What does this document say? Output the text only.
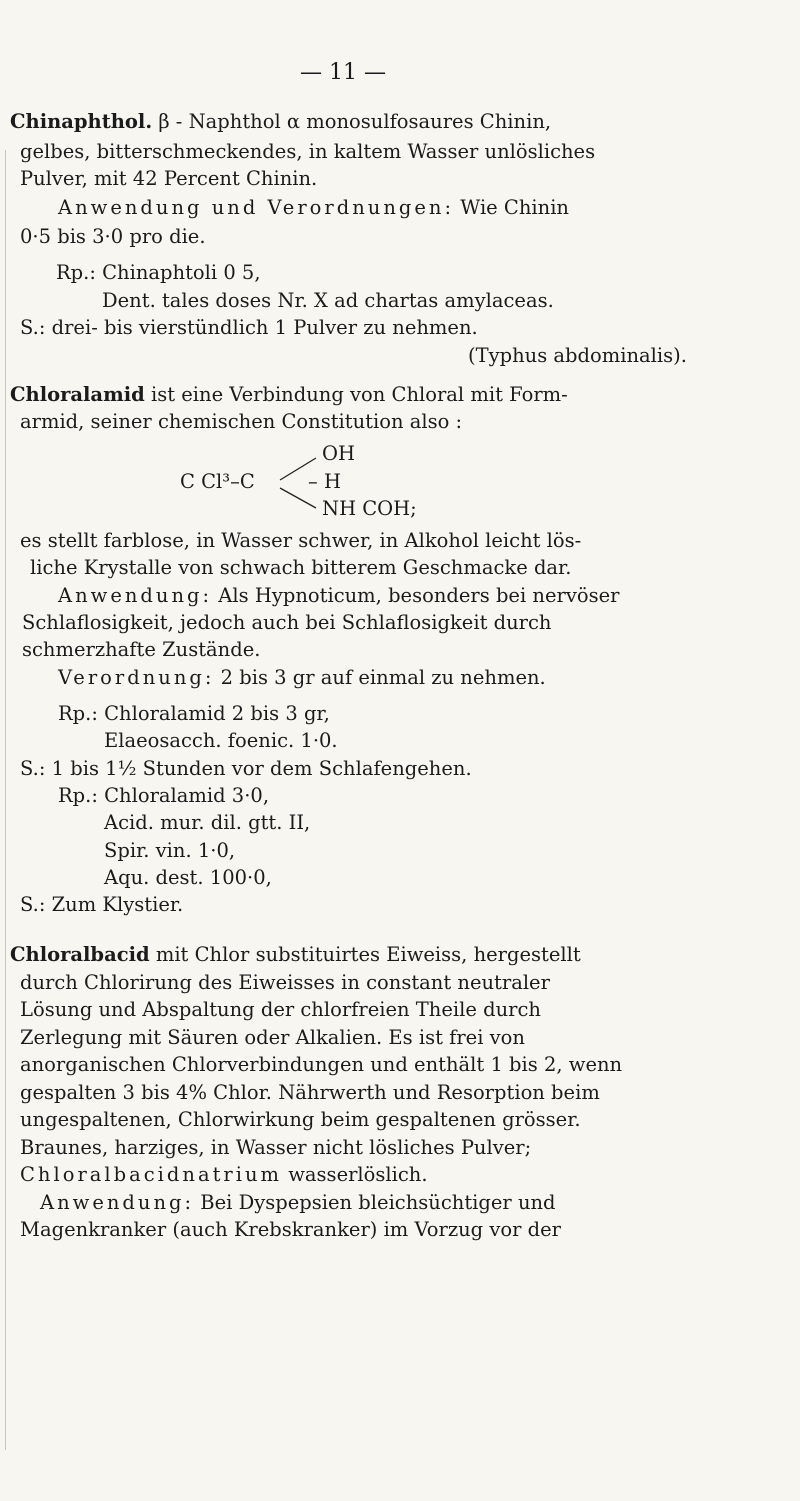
— 11 —
Chinaphthol. β - Naphthol α monosulfosaures Chinin,
gelbes, bitterschmeckendes, in kaltem Wasser unlösliches
Pulver, mit 42 Percent Chinin.
Anwendung und Verordnungen: Wie Chinin
0·5 bis 3·0 pro die.
Rp.: Chinaphtoli 0 5,
Dent. tales doses Nr. X ad chartas amylaceas.
S.: drei- bis vierstündlich 1 Pulver zu nehmen.
(Typhus abdominalis).
Chloralamid ist eine Verbindung von Chloral mit Form-
armid, seiner chemischen Constitution also :
C Cl³–C
OH
– H
NH COH;
es stellt farblose, in Wasser schwer, in Alkohol leicht lös-
liche Krystalle von schwach bitterem Geschmacke dar.
Anwendung: Als Hypnoticum, besonders bei nervöser
Schlaflosigkeit, jedoch auch bei Schlaflosigkeit durch
schmerzhafte Zustände.
Verordnung: 2 bis 3 gr auf einmal zu nehmen.
Rp.: Chloralamid 2 bis 3 gr,
Elaeosacch. foenic. 1·0.
S.: 1 bis 1½ Stunden vor dem Schlafengehen.
Rp.: Chloralamid 3·0,
Acid. mur. dil. gtt. II,
Spir. vin. 1·0,
Aqu. dest. 100·0,
S.: Zum Klystier.
Chloralbacid mit Chlor substituirtes Eiweiss, hergestellt
durch Chlorirung des Eiweisses in constant neutraler
Lösung und Abspaltung der chlorfreien Theile durch
Zerlegung mit Säuren oder Alkalien. Es ist frei von
anorganischen Chlorverbindungen und enthält 1 bis 2, wenn
gespalten 3 bis 4% Chlor. Nährwerth und Resorption beim
ungespaltenen, Chlorwirkung beim gespaltenen grösser.
Braunes, harziges, in Wasser nicht lösliches Pulver;
Chloralbacidnatrium wasserlöslich.
Anwendung: Bei Dyspepsien bleichsüchtiger und
Magenkranker (auch Krebskranker) im Vorzug vor der
